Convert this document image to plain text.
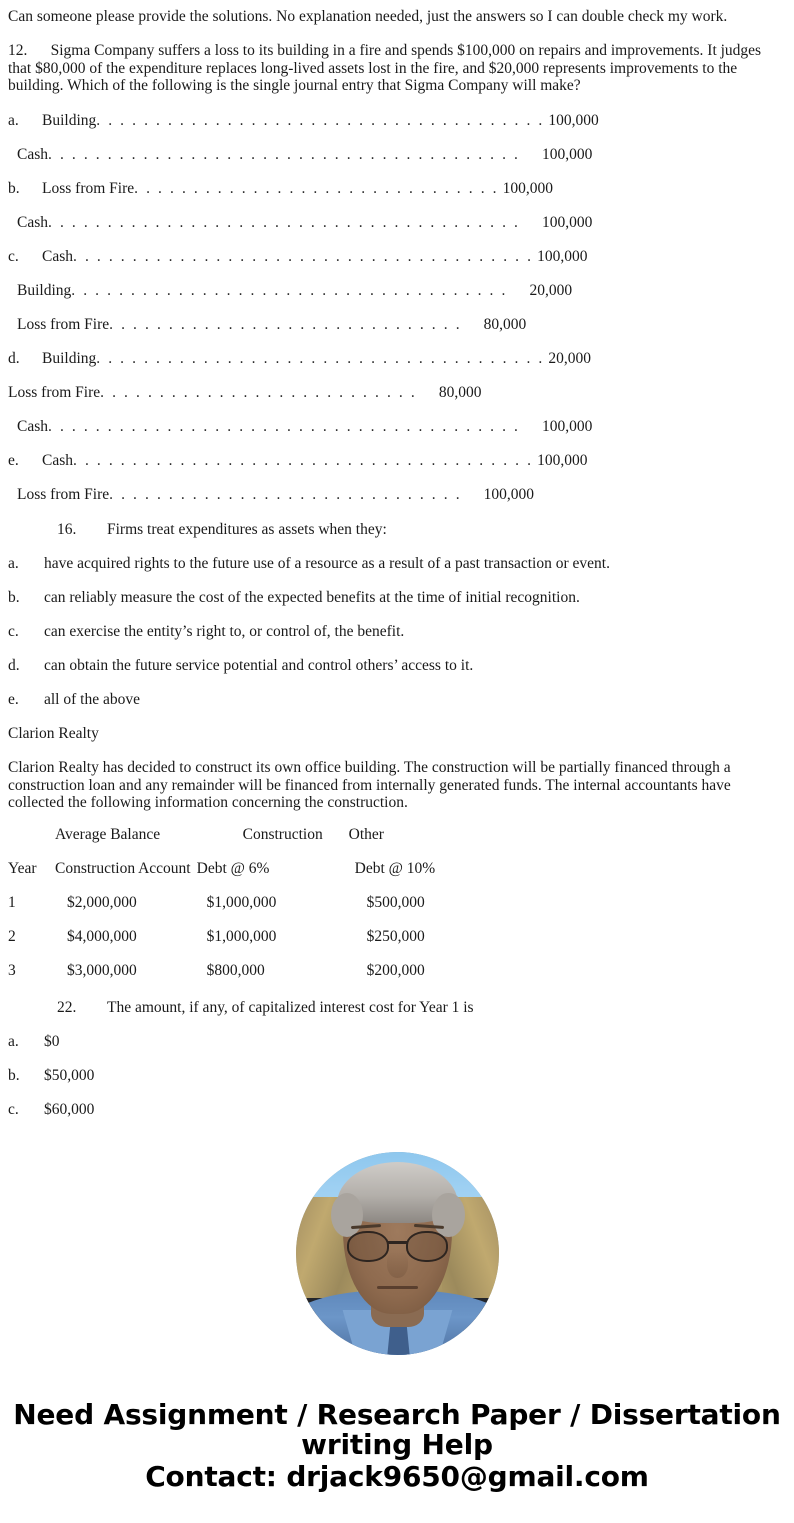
Can someone please provide the solutions. No explanation needed, just the answers so I can double check my work.

12.  Sigma Company suffers a loss to its building in a fire and spends $100,000 on repairs and improvements. It judges that $80,000 of the expenditure replaces long-lived assets lost in the fire, and $20,000 represents improvements to the building. Which of the following is the single journal entry that Sigma Company will make?

a. Building. . . . . . . . . . . . . . . . . . . . . . . . . . . . . . . . . . . . . . 100,000
Cash. . . . . . . . . . . . . . . . . . . . . . . . . . . . . . . . . . . . . . . . 100,000
b. Loss from Fire. . . . . . . . . . . . . . . . . . . . . . . . . . . . . . . 100,000
Cash. . . . . . . . . . . . . . . . . . . . . . . . . . . . . . . . . . . . . . . . 100,000
c. Cash. . . . . . . . . . . . . . . . . . . . . . . . . . . . . . . . . . . . . . . 100,000
Building. . . . . . . . . . . . . . . . . . . . . . . . . . . . . . . . . . . . . 20,000
Loss from Fire. . . . . . . . . . . . . . . . . . . . . . . . . . . . . . 80,000
d. Building. . . . . . . . . . . . . . . . . . . . . . . . . . . . . . . . . . . . . . 20,000
Loss from Fire. . . . . . . . . . . . . . . . . . . . . . . . . . . 80,000
Cash. . . . . . . . . . . . . . . . . . . . . . . . . . . . . . . . . . . . . . . . 100,000
e. Cash. . . . . . . . . . . . . . . . . . . . . . . . . . . . . . . . . . . . . . . 100,000
Loss from Fire. . . . . . . . . . . . . . . . . . . . . . . . . . . . . . 100,000
16. Firms treat expenditures as assets when they:
a. have acquired rights to the future use of a resource as a result of a past transaction or event.
b. can reliably measure the cost of the expected benefits at the time of initial recognition.
c. can exercise the entity’s right to, or control of, the benefit.
d. can obtain the future service potential and control others’ access to it.
e. all of the above
Clarion Realty

Clarion Realty has decided to construct its own office building. The construction will be partially financed through a construction loan and any remainder will be financed from internally generated funds. The internal accountants have collected the following information concerning the construction.

	Average Balance	Construction	Other
Year	Construction Account	Debt @ 6%	Debt @ 10%
1	$2,000,000	$1,000,000	$500,000
2	$4,000,000	$1,000,000	$250,000
3	$3,000,000	$800,000	$200,000
22. The amount, if any, of capitalized interest cost for Year 1 is
a. $0
b. $50,000
c. $60,000
Need Assignment / Research Paper / Dissertation
writing Help
Contact: drjack9650@gmail.com
